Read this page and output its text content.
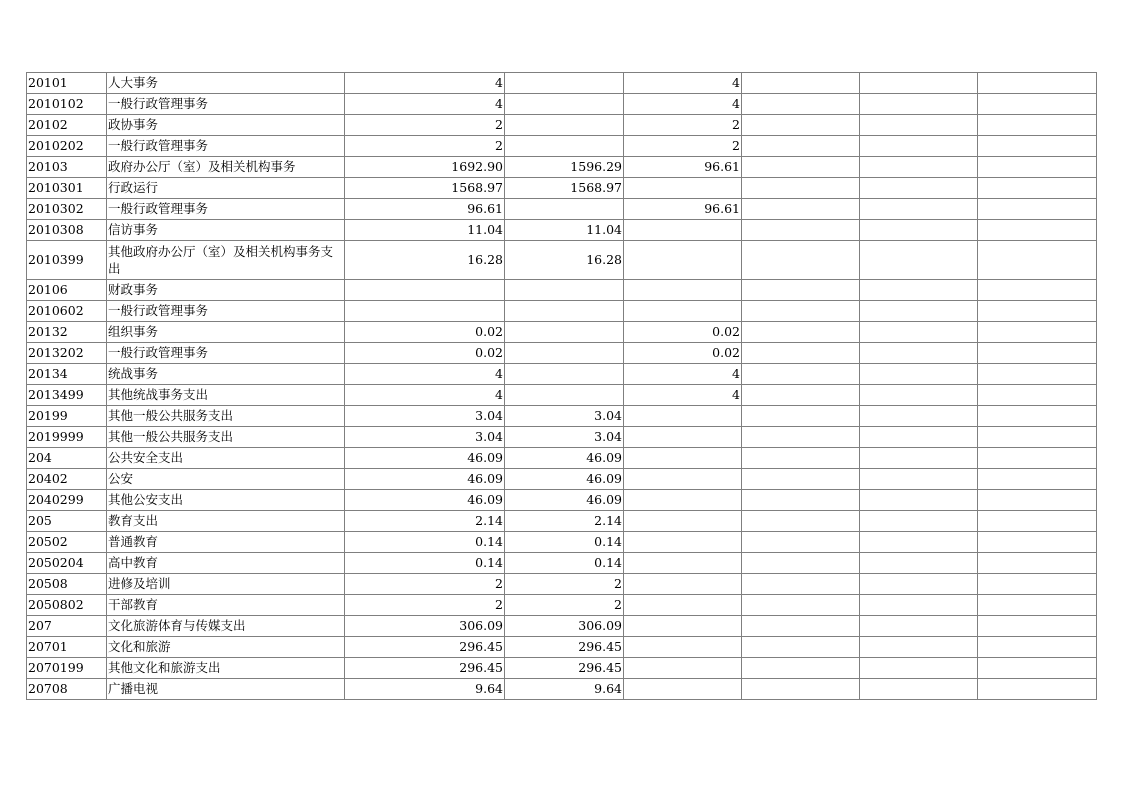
20101	人大事务	4		4			
2010102	一般行政管理事务	4		4			
20102	政协事务	2		2			
2010202	一般行政管理事务	2		2			
20103	政府办公厅（室）及相关机构事务	1692.90	1596.29	96.61			
2010301	行政运行	1568.97	1568.97				
2010302	一般行政管理事务	96.61		96.61			
2010308	信访事务	11.04	11.04				
2010399	其他政府办公厅（室）及相关机构事务支出	16.28	16.28				
20106	财政事务						
2010602	一般行政管理事务						
20132	组织事务	0.02		0.02			
2013202	一般行政管理事务	0.02		0.02			
20134	统战事务	4		4			
2013499	其他统战事务支出	4		4			
20199	其他一般公共服务支出	3.04	3.04				
2019999	其他一般公共服务支出	3.04	3.04				
204	公共安全支出	46.09	46.09				
20402	公安	46.09	46.09				
2040299	其他公安支出	46.09	46.09				
205	教育支出	2.14	2.14				
20502	普通教育	0.14	0.14				
2050204	高中教育	0.14	0.14				
20508	进修及培训	2	2				
2050802	干部教育	2	2				
207	文化旅游体育与传媒支出	306.09	306.09				
20701	文化和旅游	296.45	296.45				
2070199	其他文化和旅游支出	296.45	296.45				
20708	广播电视	9.64	9.64				
